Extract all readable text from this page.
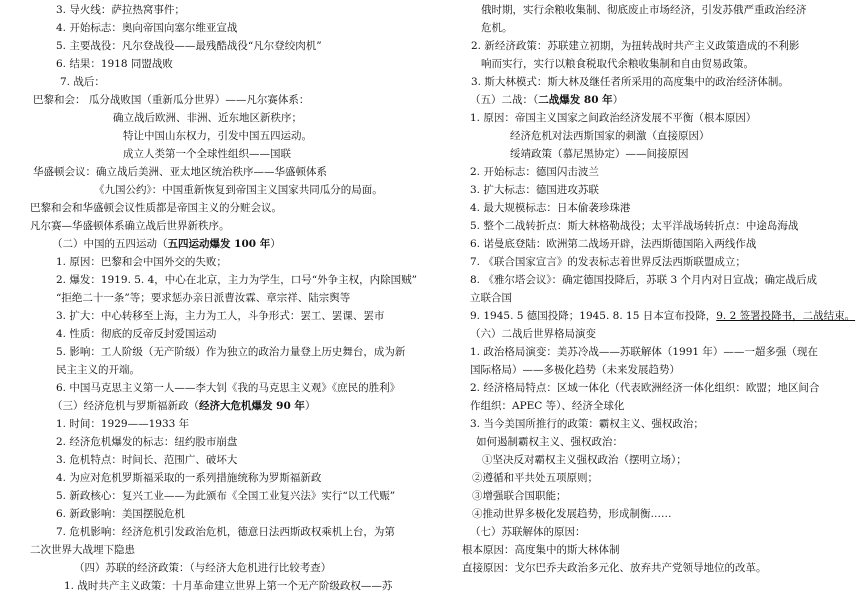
3. 导火线：萨拉热窝事件；
4. 开始标志：奥向帝国向塞尔维亚宣战
5. 主要战役：凡尔登战役——最残酷战役“凡尔登绞肉机”
6. 结果：1918 同盟战败
7. 战后：
巴黎和会： 瓜分战败国（重新瓜分世界）——凡尔赛体系：
确立战后欧洲、非洲、近东地区新秩序；
特让中国山东权力，引发中国五四运动。
成立人类第一个全球性组织——国联
华盛顿会议：确立战后美洲、亚太地区统治秩序——华盛顿体系
《九国公约》：中国重新恢复到帝国主义国家共同瓜分的局面。
巴黎和会和华盛顿会议性质都是帝国主义的分赃会议。
凡尔赛—华盛顿体系确立战后世界新秩序。
（二）中国的五四运动（五四运动爆发 100 年）
1. 原因：巴黎和会中国外交的失败；
2. 爆发：1919. 5. 4，中心在北京，主力为学生，口号“外争主权，内除国贼”
“拒绝二十一条”等；要求惩办亲日派曹汝霖、章宗祥、陆宗舆等
3. 扩大：中心转移至上海，主力为工人，斗争形式：罢工、罢课、罢市
4. 性质：彻底的反帝反封爱国运动
5. 影响：工人阶级（无产阶级）作为独立的政治力量登上历史舞台，成为新
民主主义的开端。
6. 中国马克思主义第一人——李大钊《我的马克思主义观》《庶民的胜利》
（三）经济危机与罗斯福新政（经济大危机爆发 90 年）
1. 时间：1929——1933 年
2. 经济危机爆发的标志：纽约股市崩盘
3. 危机特点：时间长、范围广、破坏大
4. 为应对危机罗斯福采取的一系列措施统称为罗斯福新政
5. 新政核心：复兴工业——为此颁布《全国工业复兴法》实行“以工代赈”
6. 新政影响：美国摆脱危机
7. 危机影响：经济危机引发政治危机，德意日法西斯政权乘机上台，为第
二次世界大战埋下隐患
（四）苏联的经济政策：（与经济大危机进行比较考查）
1. 战时共产主义政策：十月革命建立世界上第一个无产阶级政权——苏
俄时期，实行余粮收集制、彻底废止市场经济，引发苏俄严重政治经济
危机。
2. 新经济政策：苏联建立初期，为扭转战时共产主义政策造成的不利影
响而实行，实行以粮食税取代余粮收集制和自由贸易政策。
3. 斯大林模式：斯大林及继任者所采用的高度集中的政治经济体制。
（五）二战：（二战爆发 80 年）
1. 原因：帝国主义国家之间政治经济发展不平衡（根本原因）
经济危机对法西斯国家的刺激（直接原因）
绥靖政策（慕尼黑协定）——间接原因
2. 开始标志：德国闪击波兰
3. 扩大标志：德国进攻苏联
4. 最大规模标志：日本偷袭珍珠港
5. 整个二战转折点：斯大林格勒战役；太平洋战场转折点：中途岛海战
6. 诺曼底登陆：欧洲第二战场开辟，法西斯德国陷入两线作战
7. 《联合国家宣言》的发表标志着世界反法西斯联盟成立；
8. 《雅尔塔会议》：确定德国投降后，苏联 3 个月内对日宣战；确定战后成
立联合国
9. 1945. 5 德国投降；1945. 8. 15 日本宣布投降，9. 2 签署投降书，二战结束。
（六）二战后世界格局演变
1. 政治格局演变：美苏冷战——苏联解体（1991 年）——一超多强（现在
国际格局）——多极化趋势（未来发展趋势）
2. 经济格局特点：区域一体化（代表欧洲经济一体化组织：欧盟；地区间合
作组织：APEC 等）、经济全球化
3. 当今美国所推行的政策：霸权主义、强权政治；
如何遏制霸权主义、强权政治：
①坚决反对霸权主义强权政治（摆明立场）；
②遵循和平共处五项原则；
③增强联合国职能；
④推动世界多极化发展趋势，形成制衡……
（七）苏联解体的原因：
根本原因：高度集中的斯大林体制
直接原因：戈尔巴乔夫政治多元化、放弃共产党领导地位的改革。
